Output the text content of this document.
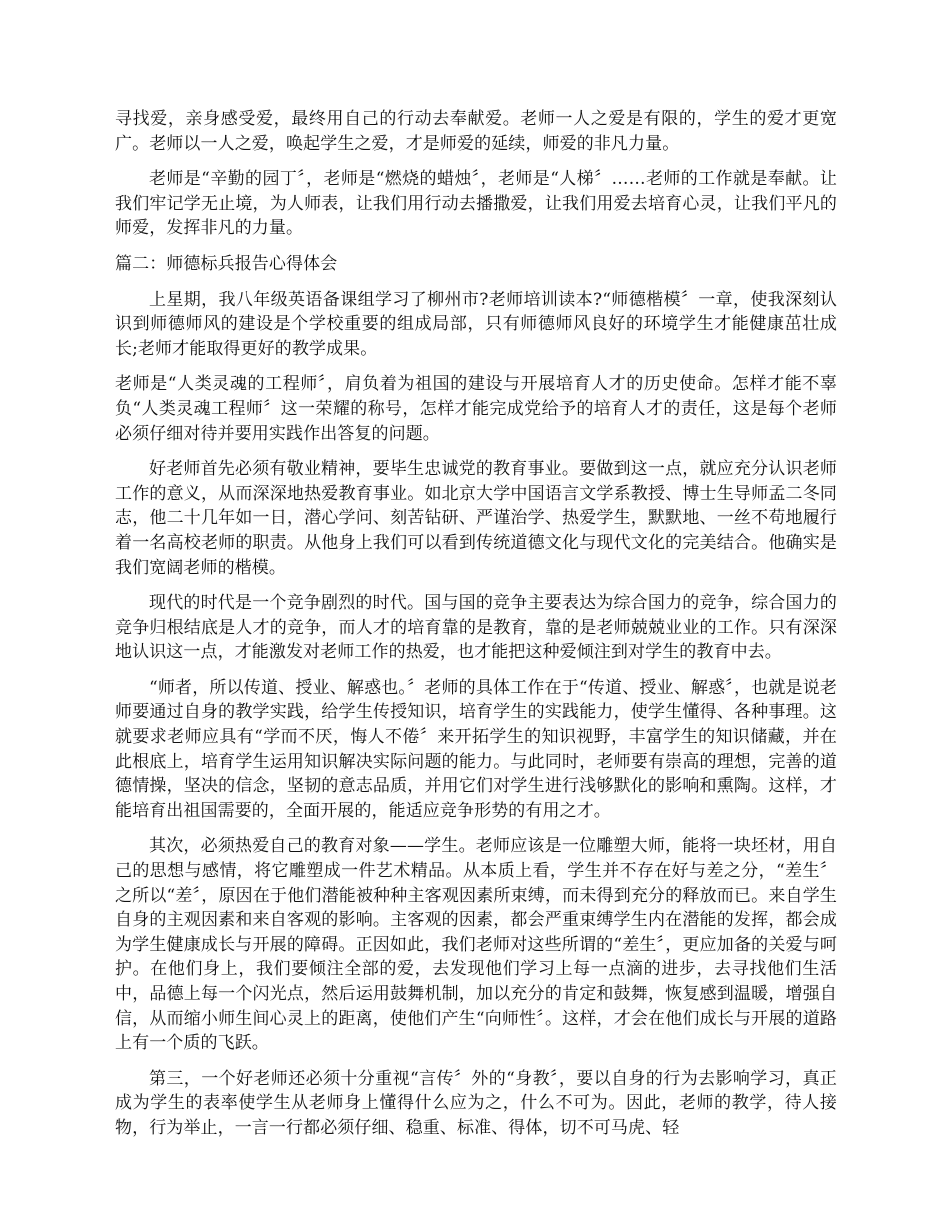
寻找爱，亲身感受爱，最终用自己的行动去奉献爱。老师一人之爱是有限的，学生的爱才更宽广。老师以一人之爱，唤起学生之爱，才是师爱的延续，师爱的非凡力量。

老师是“辛勤的园丁〞，老师是“燃烧的蜡烛〞，老师是“人梯〞……老师的工作就是奉献。让我们牢记学无止境，为人师表，让我们用行动去播撒爱，让我们用爱去培育心灵，让我们平凡的师爱，发挥非凡的力量。

篇二：师德标兵报告心得体会

上星期，我八年级英语备课组学习了柳州市?老师培训读本?“师德楷模〞一章，使我深刻认识到师德师风的建设是个学校重要的组成局部，只有师德师风良好的环境学生才能健康茁壮成长;老师才能取得更好的教学成果。

老师是“人类灵魂的工程师〞，肩负着为祖国的建设与开展培育人才的历史使命。怎样才能不辜负“人类灵魂工程师〞这一荣耀的称号，怎样才能完成党给予的培育人才的责任，这是每个老师必须仔细对待并要用实践作出答复的问题。

好老师首先必须有敬业精神，要毕生忠诚党的教育事业。要做到这一点，就应充分认识老师工作的意义，从而深深地热爱教育事业。如北京大学中国语言文学系教授、博士生导师孟二冬同志，他二十几年如一日，潜心学问、刻苦钻研、严谨治学、热爱学生，默默地、一丝不苟地履行着一名高校老师的职责。从他身上我们可以看到传统道德文化与现代文化的完美结合。他确实是我们宽阔老师的楷模。

现代的时代是一个竞争剧烈的时代。国与国的竞争主要表达为综合国力的竞争，综合国力的竞争归根结底是人才的竞争，而人才的培育靠的是教育，靠的是老师兢兢业业的工作。只有深深地认识这一点，才能激发对老师工作的热爱，也才能把这种爱倾注到对学生的教育中去。

“师者，所以传道、授业、解惑也。〞老师的具体工作在于“传道、授业、解惑〞，也就是说老师要通过自身的教学实践，给学生传授知识，培育学生的实践能力，使学生懂得、各种事理。这就要求老师应具有“学而不厌，悔人不倦〞来开拓学生的知识视野，丰富学生的知识储藏，并在此根底上，培育学生运用知识解决实际问题的能力。与此同时，老师要有崇高的理想，完善的道德情操，坚决的信念，坚韧的意志品质，并用它们对学生进行浅够默化的影响和熏陶。这样，才能培育出祖国需要的，全面开展的，能适应竞争形势的有用之才。

其次，必须热爱自己的教育对象——学生。老师应该是一位雕塑大师，能将一块坯材，用自己的思想与感情，将它雕塑成一件艺术精品。从本质上看，学生并不存在好与差之分，“差生〞之所以“差〞，原因在于他们潜能被种种主客观因素所束缚，而未得到充分的释放而已。来自学生自身的主观因素和来自客观的影响。主客观的因素，都会严重束缚学生内在潜能的发挥，都会成为学生健康成长与开展的障碍。正因如此，我们老师对这些所谓的“差生〞，更应加备的关爱与呵护。在他们身上，我们要倾注全部的爱，去发现他们学习上每一点滴的进步，去寻找他们生活中，品德上每一个闪光点，然后运用鼓舞机制，加以充分的肯定和鼓舞，恢复感到温暖，增强自信，从而缩小师生间心灵上的距离，使他们产生“向师性〞。这样，才会在他们成长与开展的道路上有一个质的飞跃。

第三，一个好老师还必须十分重视“言传〞外的“身教〞，要以自身的行为去影响学习，真正成为学生的表率使学生从老师身上懂得什么应为之，什么不可为。因此，老师的教学，待人接物，行为举止，一言一行都必须仔细、稳重、标准、得体，切不可马虎、轻
